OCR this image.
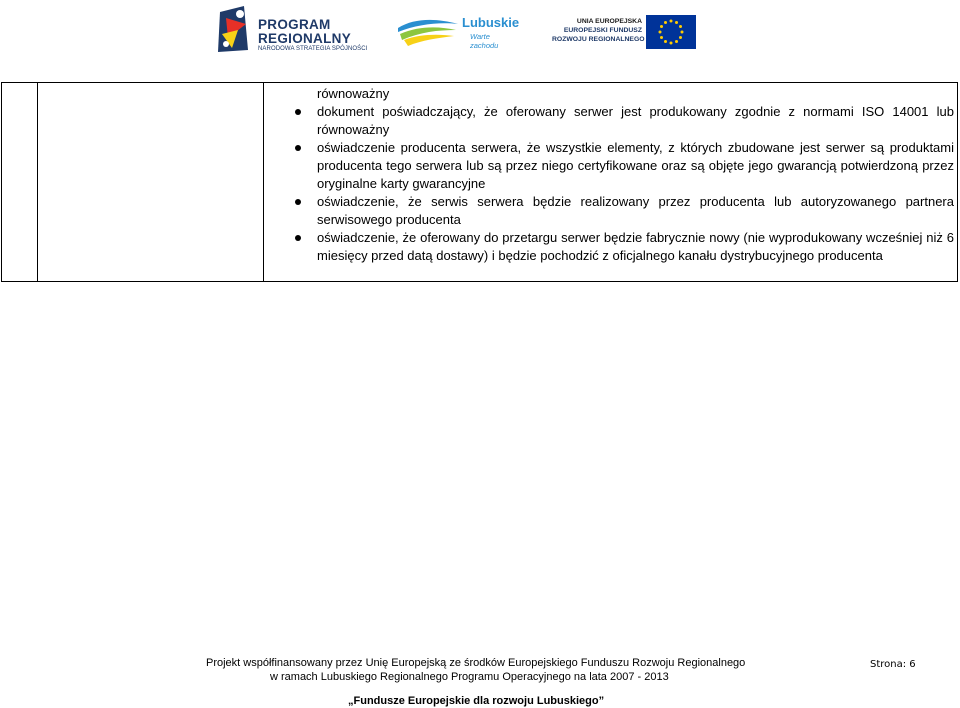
PROGRAM
REGIONALNY
NARODOWA STRATEGIA SPÓJNOŚCI
Lubuskie
Warte zachodu
UNIA EUROPEJSKA
EUROPEJSKI FUNDUSZ
ROZWOJU REGIONALNEGO
równoważny
dokument poświadczający, że oferowany serwer jest produkowany zgodnie z normami ISO 14001 lub równoważny
oświadczenie producenta serwera, że wszystkie elementy, z których zbudowane jest serwer są produktami producenta tego serwera lub są przez niego certyfikowane oraz są objęte jego gwarancją potwierdzoną przez oryginalne karty gwarancyjne
oświadczenie, że serwis serwera będzie realizowany przez producenta lub autoryzowanego partnera serwisowego producenta
oświadczenie, że oferowany do przetargu serwer będzie fabrycznie nowy (nie wyprodukowany wcześniej niż 6 miesięcy przed datą dostawy) i będzie pochodzić z oficjalnego kanału dystrybucyjnego producenta
Projekt współfinansowany przez Unię Europejską ze środków Europejskiego Funduszu Rozwoju Regionalnego
w ramach Lubuskiego Regionalnego Programu Operacyjnego na lata 2007 - 2013
„Fundusze Europejskie dla rozwoju Lubuskiego”
Strona: 6
